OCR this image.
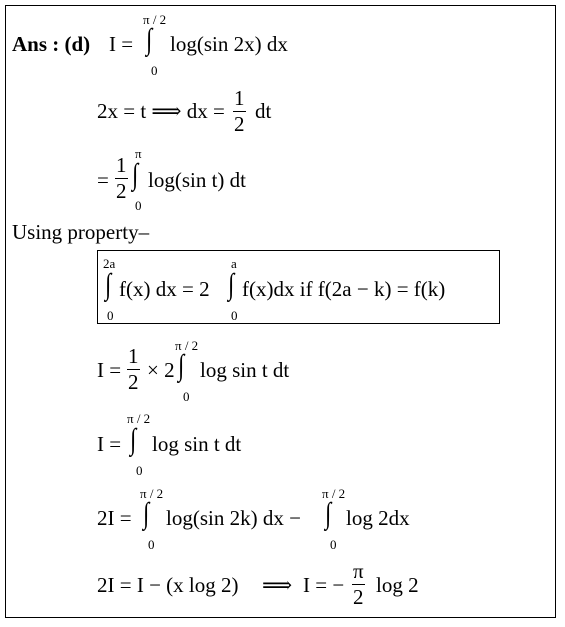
Ans : (d) I =
π / 2
∫
0
log(sin 2x) dx
2x = t ⟹ dx = $\frac{1}{2}$ dt
= $\frac{1}{2}$
π
∫
0
log(sin t) dt
Using property–
2a
∫
0
f(x) dx = 2
a
∫
0
f(x)dx if f(2a − k) = f(k)
$I = \frac{1}{2} \times 2$
π / 2
∫
0
log sin t dt
I =
π / 2
∫
0
log sin t dt
2I =
π / 2
∫
0
log(sin 2k) dx −
π / 2
∫
0
log 2dx
2I = I − (x log 2) ⟹ I = − $\frac{\pi}{2}$ log 2
